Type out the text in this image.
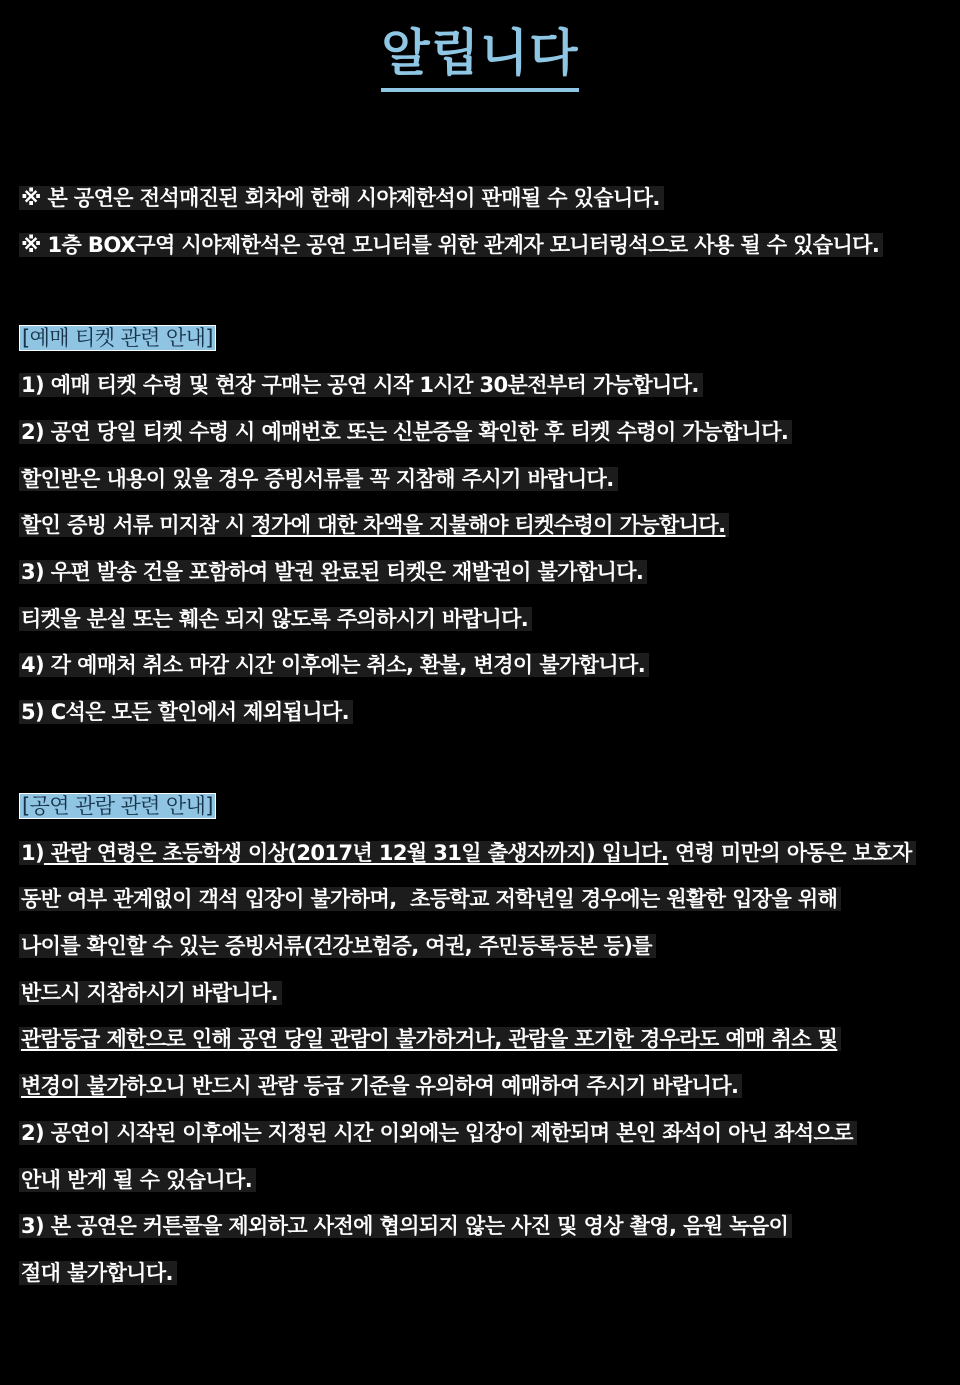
알립니다
※ 본 공연은 전석매진된 회차에 한해 시야제한석이 판매될 수 있습니다.
※ 1층 BOX구역 시야제한석은 공연 모니터를 위한 관계자 모니터링석으로 사용 될 수 있습니다.
[예매 티켓 관련 안내]
1) 예매 티켓 수령 및 현장 구매는 공연 시작 1시간 30분전부터 가능합니다.
2) 공연 당일 티켓 수령 시 예매번호 또는 신분증을 확인한 후 티켓 수령이 가능합니다.
할인받은 내용이 있을 경우 증빙서류를 꼭 지참해 주시기 바랍니다.
할인 증빙 서류 미지참 시 정가에 대한 차액을 지불해야 티켓수령이 가능합니다.
3) 우편 발송 건을 포함하여 발권 완료된 티켓은 재발권이 불가합니다.
티켓을 분실 또는 훼손 되지 않도록 주의하시기 바랍니다.
4) 각 예매처 취소 마감 시간 이후에는 취소, 환불, 변경이 불가합니다.
5) C석은 모든 할인에서 제외됩니다.
[공연 관람 관련 안내]
1) 관람 연령은 초등학생 이상(2017년 12월 31일 출생자까지) 입니다. 연령 미만의 아동은 보호자
동반 여부 관계없이 객석 입장이 불가하며,  초등학교 저학년일 경우에는 원활한 입장을 위해
나이를 확인할 수 있는 증빙서류(건강보험증, 여권, 주민등록등본 등)를
반드시 지참하시기 바랍니다.
관람등급 제한으로 인해 공연 당일 관람이 불가하거나, 관람을 포기한 경우라도 예매 취소 및
변경이 불가하오니 반드시 관람 등급 기준을 유의하여 예매하여 주시기 바랍니다.
2) 공연이 시작된 이후에는 지정된 시간 이외에는 입장이 제한되며 본인 좌석이 아닌 좌석으로
안내 받게 될 수 있습니다.
3) 본 공연은 커튼콜을 제외하고 사전에 협의되지 않는 사진 및 영상 촬영, 음원 녹음이
절대 불가합니다.
